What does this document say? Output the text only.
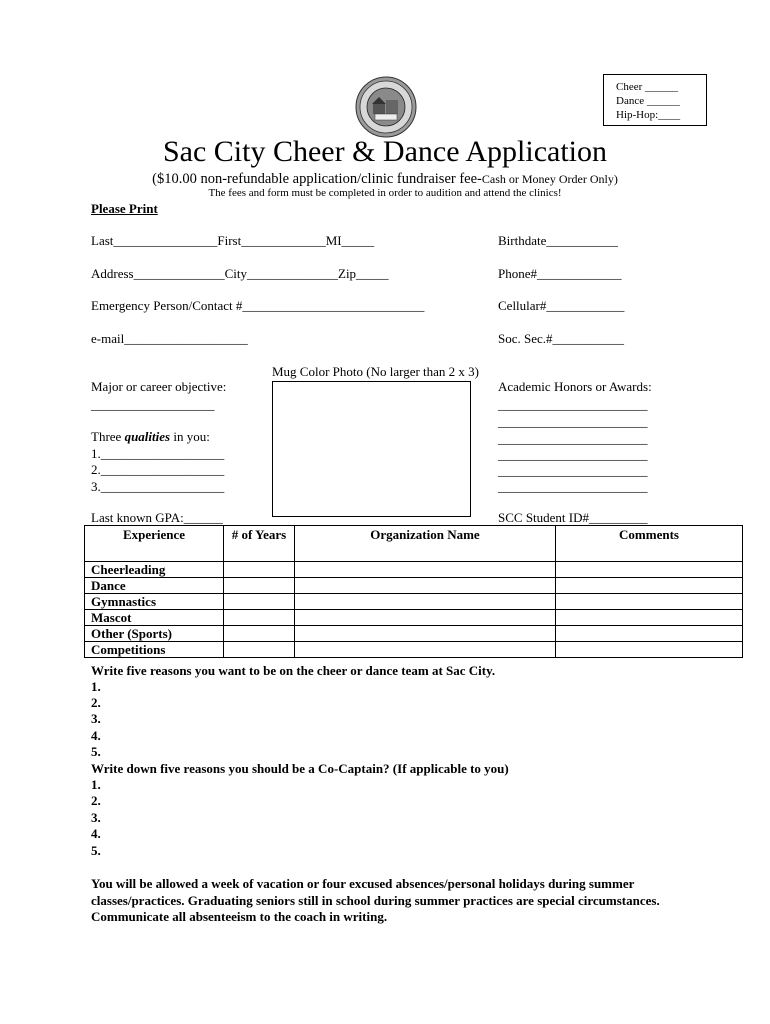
Cheer ______
Dance ______
Hip-Hop:____
Sac City Cheer & Dance Application
($10.00 non-refundable application/clinic fundraiser fee-Cash or Money Order Only)
The fees and form must be completed in order to audition and attend the clinics!
Please Print
Last________________First_____________MI_____	Birthdate___________
Address______________City______________Zip_____	Phone#_____________
Emergency Person/Contact #____________________________	Cellular#____________
e-mail___________________	Soc. Sec.#___________
Mug Color Photo (No larger than 2 x 3)
Major or career objective:
___________________
Three qualities in you:
1.___________________
2.___________________
3.___________________
Academic Honors or Awards:
_______________________
_______________________
_______________________
_______________________
_______________________
_______________________
Last known GPA:______	SCC Student ID#_________
Experience	# of Years	Organization Name	Comments
Cheerleading			
Dance			
Gymnastics			
Mascot			
Other (Sports)			
Competitions			
Write five reasons you want to be on the cheer or dance team at Sac City.
1.
2.
3.
4.
5.
Write down five reasons you should be a Co-Captain? (If applicable to you)
1.
2.
3.
4.
5.
You will be allowed a week of vacation or four excused absences/personal holidays during summer classes/practices. Graduating seniors still in school during summer practices are special circumstances. Communicate all absenteeism to the coach in writing.
